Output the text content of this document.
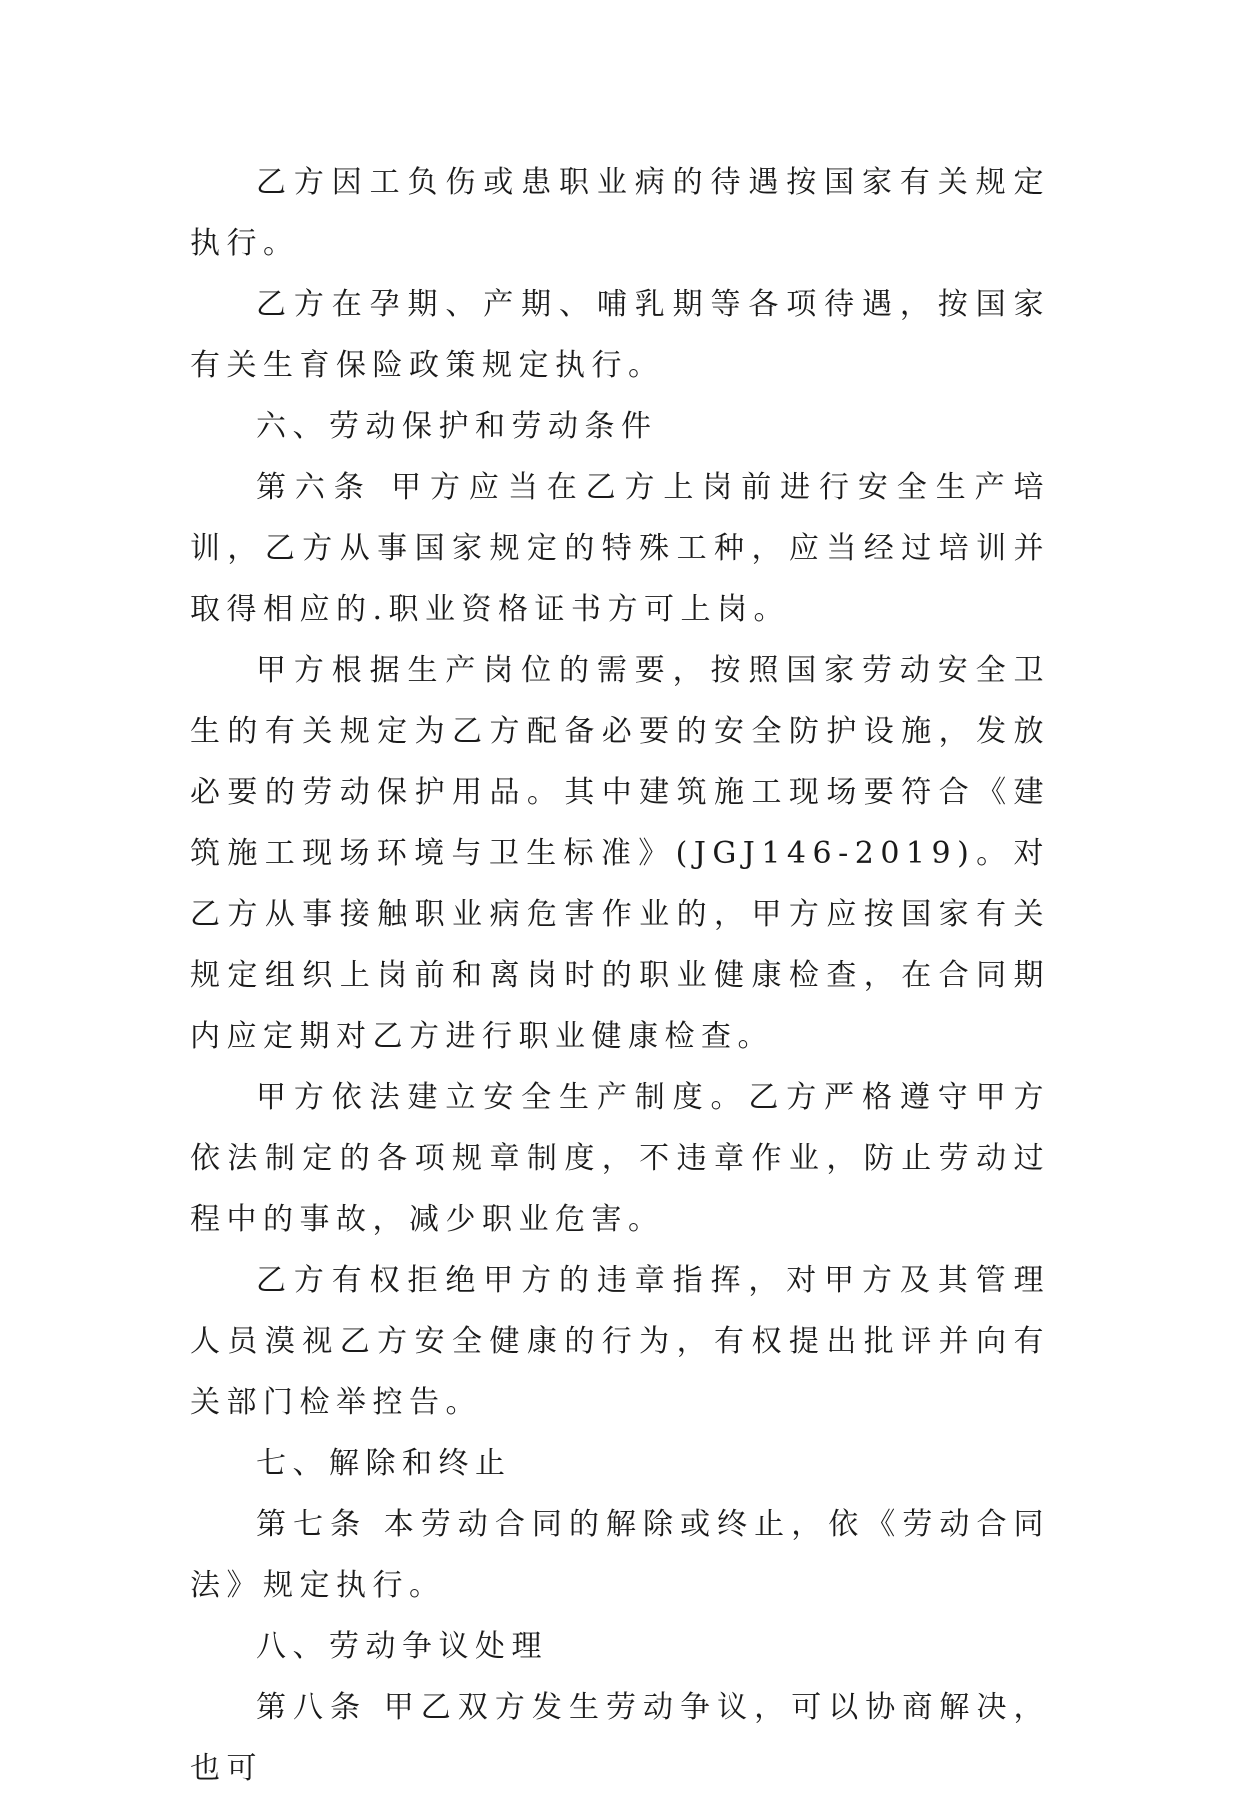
乙方因工负伤或患职业病的待遇按国家有关规定执行。

乙方在孕期、产期、哺乳期等各项待遇，按国家有关生育保险政策规定执行。

六、劳动保护和劳动条件

第六条 甲方应当在乙方上岗前进行安全生产培训，乙方从事国家规定的特殊工种，应当经过培训并取得相应的.职业资格证书方可上岗。

甲方根据生产岗位的需要，按照国家劳动安全卫生的有关规定为乙方配备必要的安全防护设施，发放必要的劳动保护用品。其中建筑施工现场要符合《建筑施工现场环境与卫生标准》(JGJ146-2019)。对乙方从事接触职业病危害作业的，甲方应按国家有关规定组织上岗前和离岗时的职业健康检查，在合同期内应定期对乙方进行职业健康检查。

甲方依法建立安全生产制度。乙方严格遵守甲方依法制定的各项规章制度，不违章作业，防止劳动过程中的事故，减少职业危害。

乙方有权拒绝甲方的违章指挥，对甲方及其管理人员漠视乙方安全健康的行为，有权提出批评并向有关部门检举控告。

七、解除和终止

第七条 本劳动合同的解除或终止，依《劳动合同法》规定执行。

八、劳动争议处理

第八条 甲乙双方发生劳动争议，可以协商解决，也可
